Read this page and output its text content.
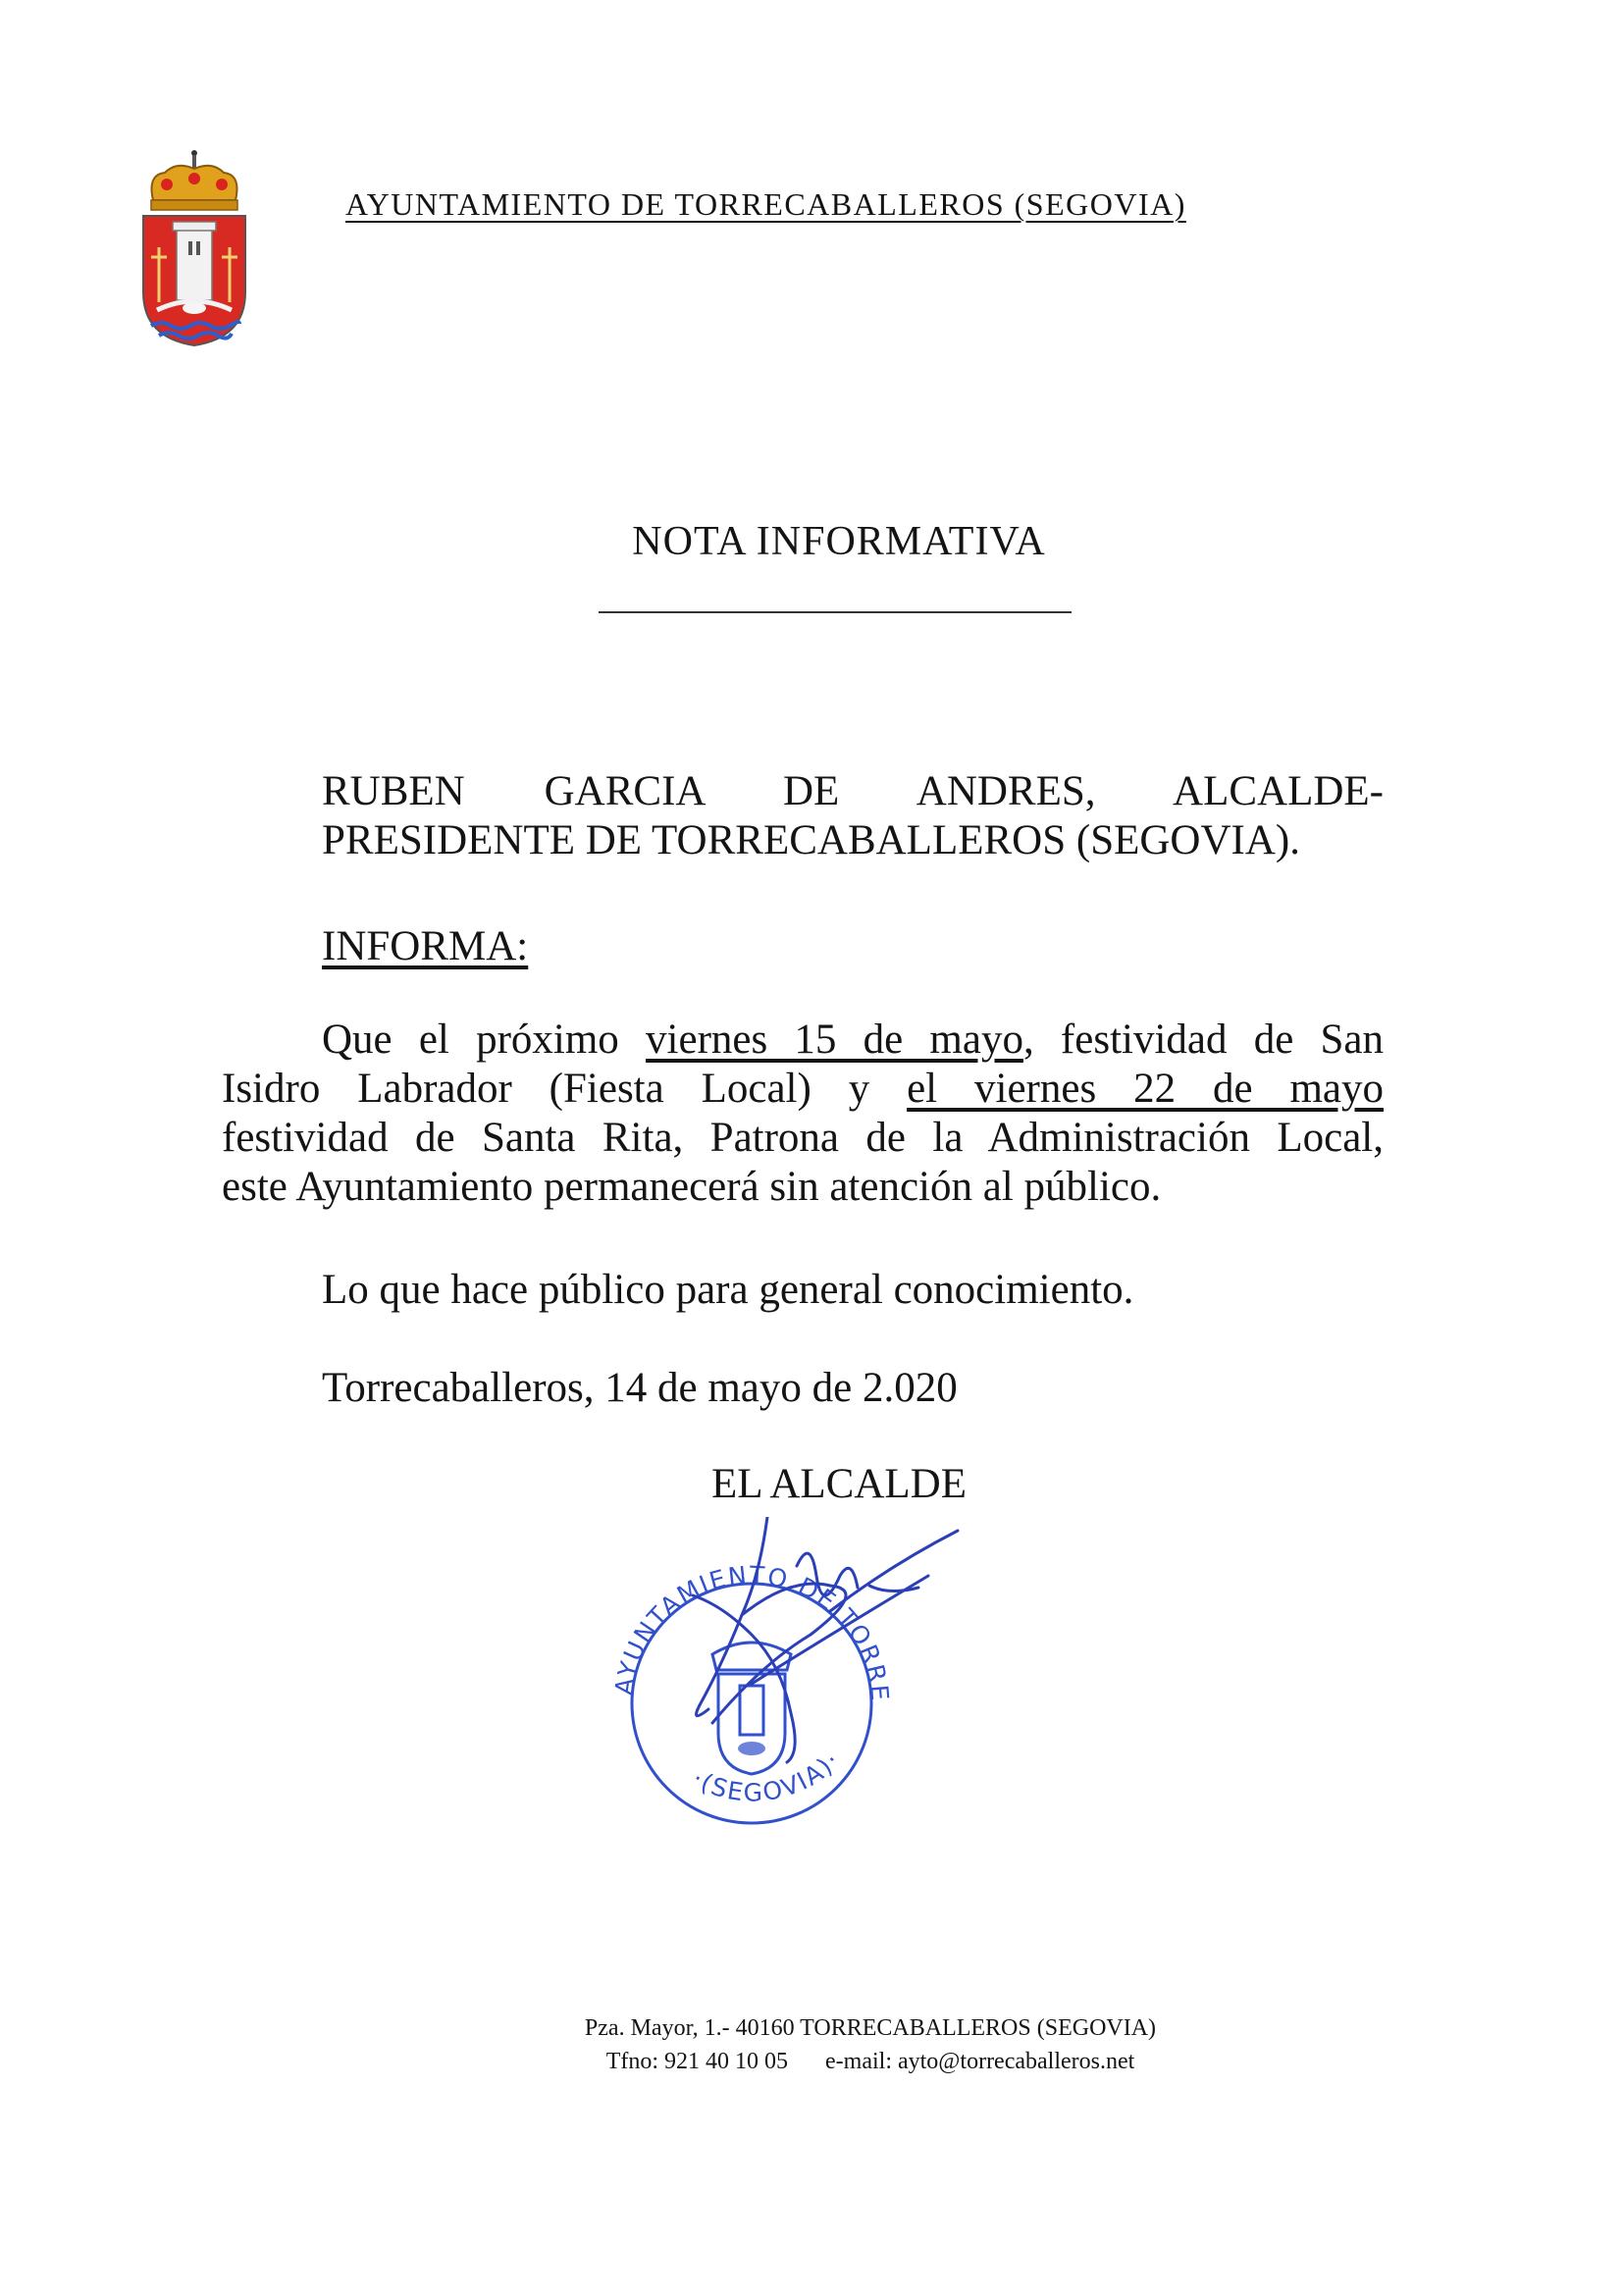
AYUNTAMIENTO DE TORRECABALLEROS (SEGOVIA)
NOTA INFORMATIVA
RUBEN GARCIA DE ANDRES, ALCALDE-
PRESIDENTE DE TORRECABALLEROS (SEGOVIA).
INFORMA:
Que el próximo viernes 15 de mayo, festividad de San
Isidro Labrador (Fiesta Local) y el viernes 22 de mayo
festividad de Santa Rita, Patrona de la Administración Local,
este Ayuntamiento permanecerá sin atención al público.
Lo que hace público para general conocimiento.
Torrecaballeros, 14 de mayo de 2.020
EL ALCALDE
AYUNTAMIENTO DE TORRE
·(SEGOVIA)·
Pza. Mayor, 1.- 40160 TORRECABALLEROS (SEGOVIA)
Tfno: 921 40 10 05 e-mail: ayto@torrecaballeros.net
